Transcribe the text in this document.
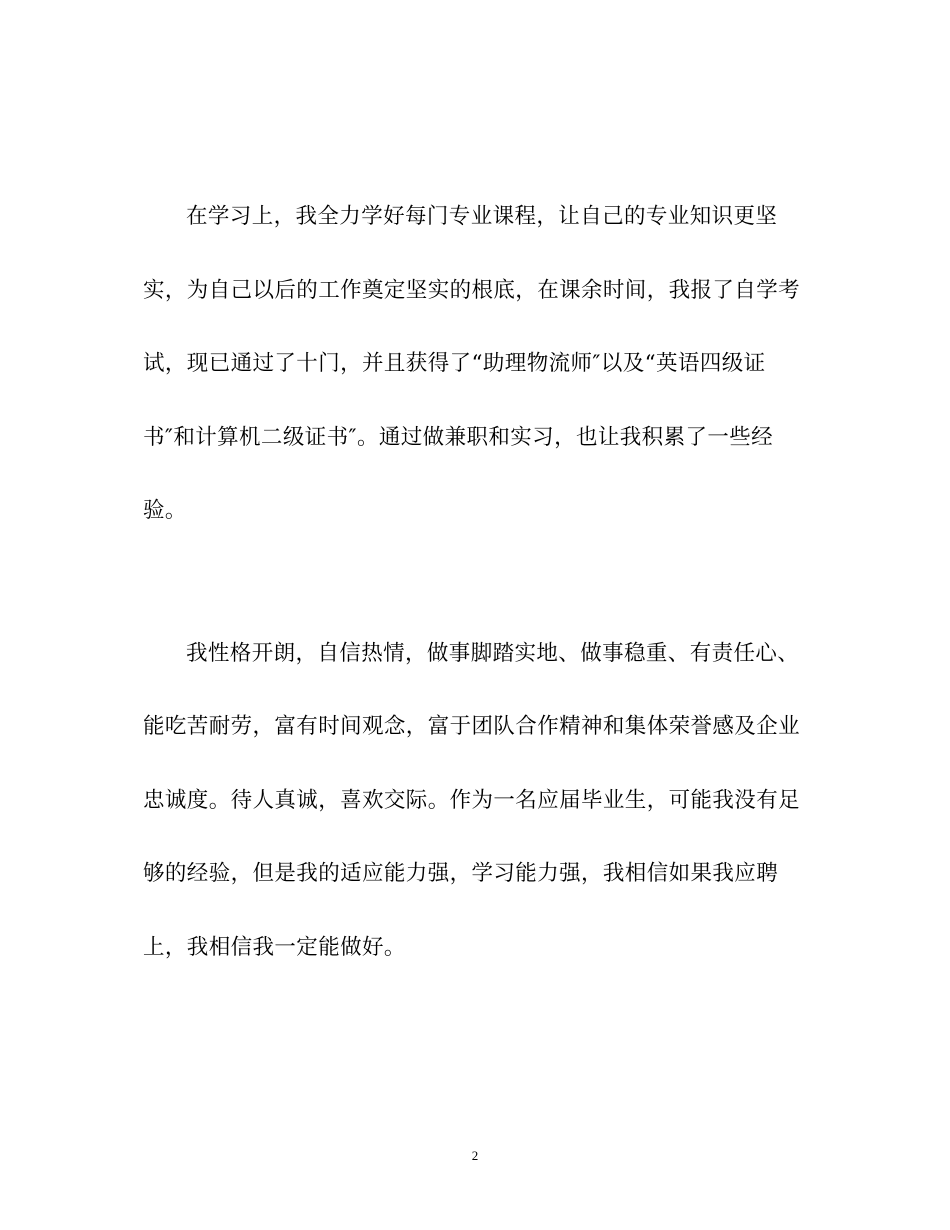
在学习上，我全力学好每门专业课程，让自己的专业知识更坚
实，为自己以后的工作奠定坚实的根底，在课余时间，我报了自学考
试，现已通过了十门，并且获得了“助理物流师″以及“英语四级证
书″和计算机二级证书″。通过做兼职和实习，也让我积累了一些经
验。
我性格开朗，自信热情，做事脚踏实地、做事稳重、有责任心、
能吃苦耐劳，富有时间观念，富于团队合作精神和集体荣誉感及企业
忠诚度。待人真诚，喜欢交际。作为一名应届毕业生，可能我没有足
够的经验，但是我的适应能力强，学习能力强，我相信如果我应聘
上，我相信我一定能做好。
2
